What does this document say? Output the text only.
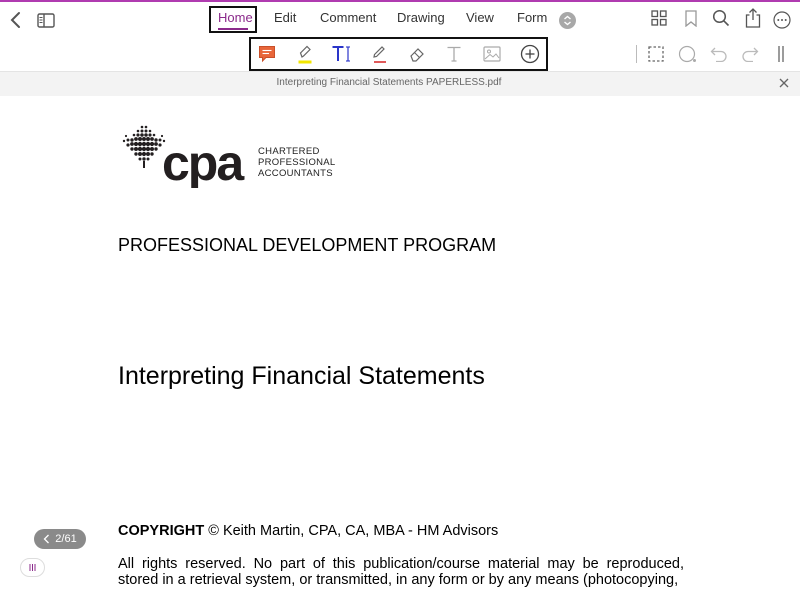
Home Edit Comment Drawing View Form
Interpreting Financial Statements PAPERLESS.pdf
cpa	CHARTERED
PROFESSIONAL
ACCOUNTANTS
PROFESSIONAL DEVELOPMENT PROGRAM
Interpreting Financial Statements
COPYRIGHT © Keith Martin, CPA, CA, MBA - HM Advisors
All rights reserved. No part of this publication/course material may be reproduced, stored in a retrieval system, or transmitted, in any form or by any means (photocopying,
2/61
